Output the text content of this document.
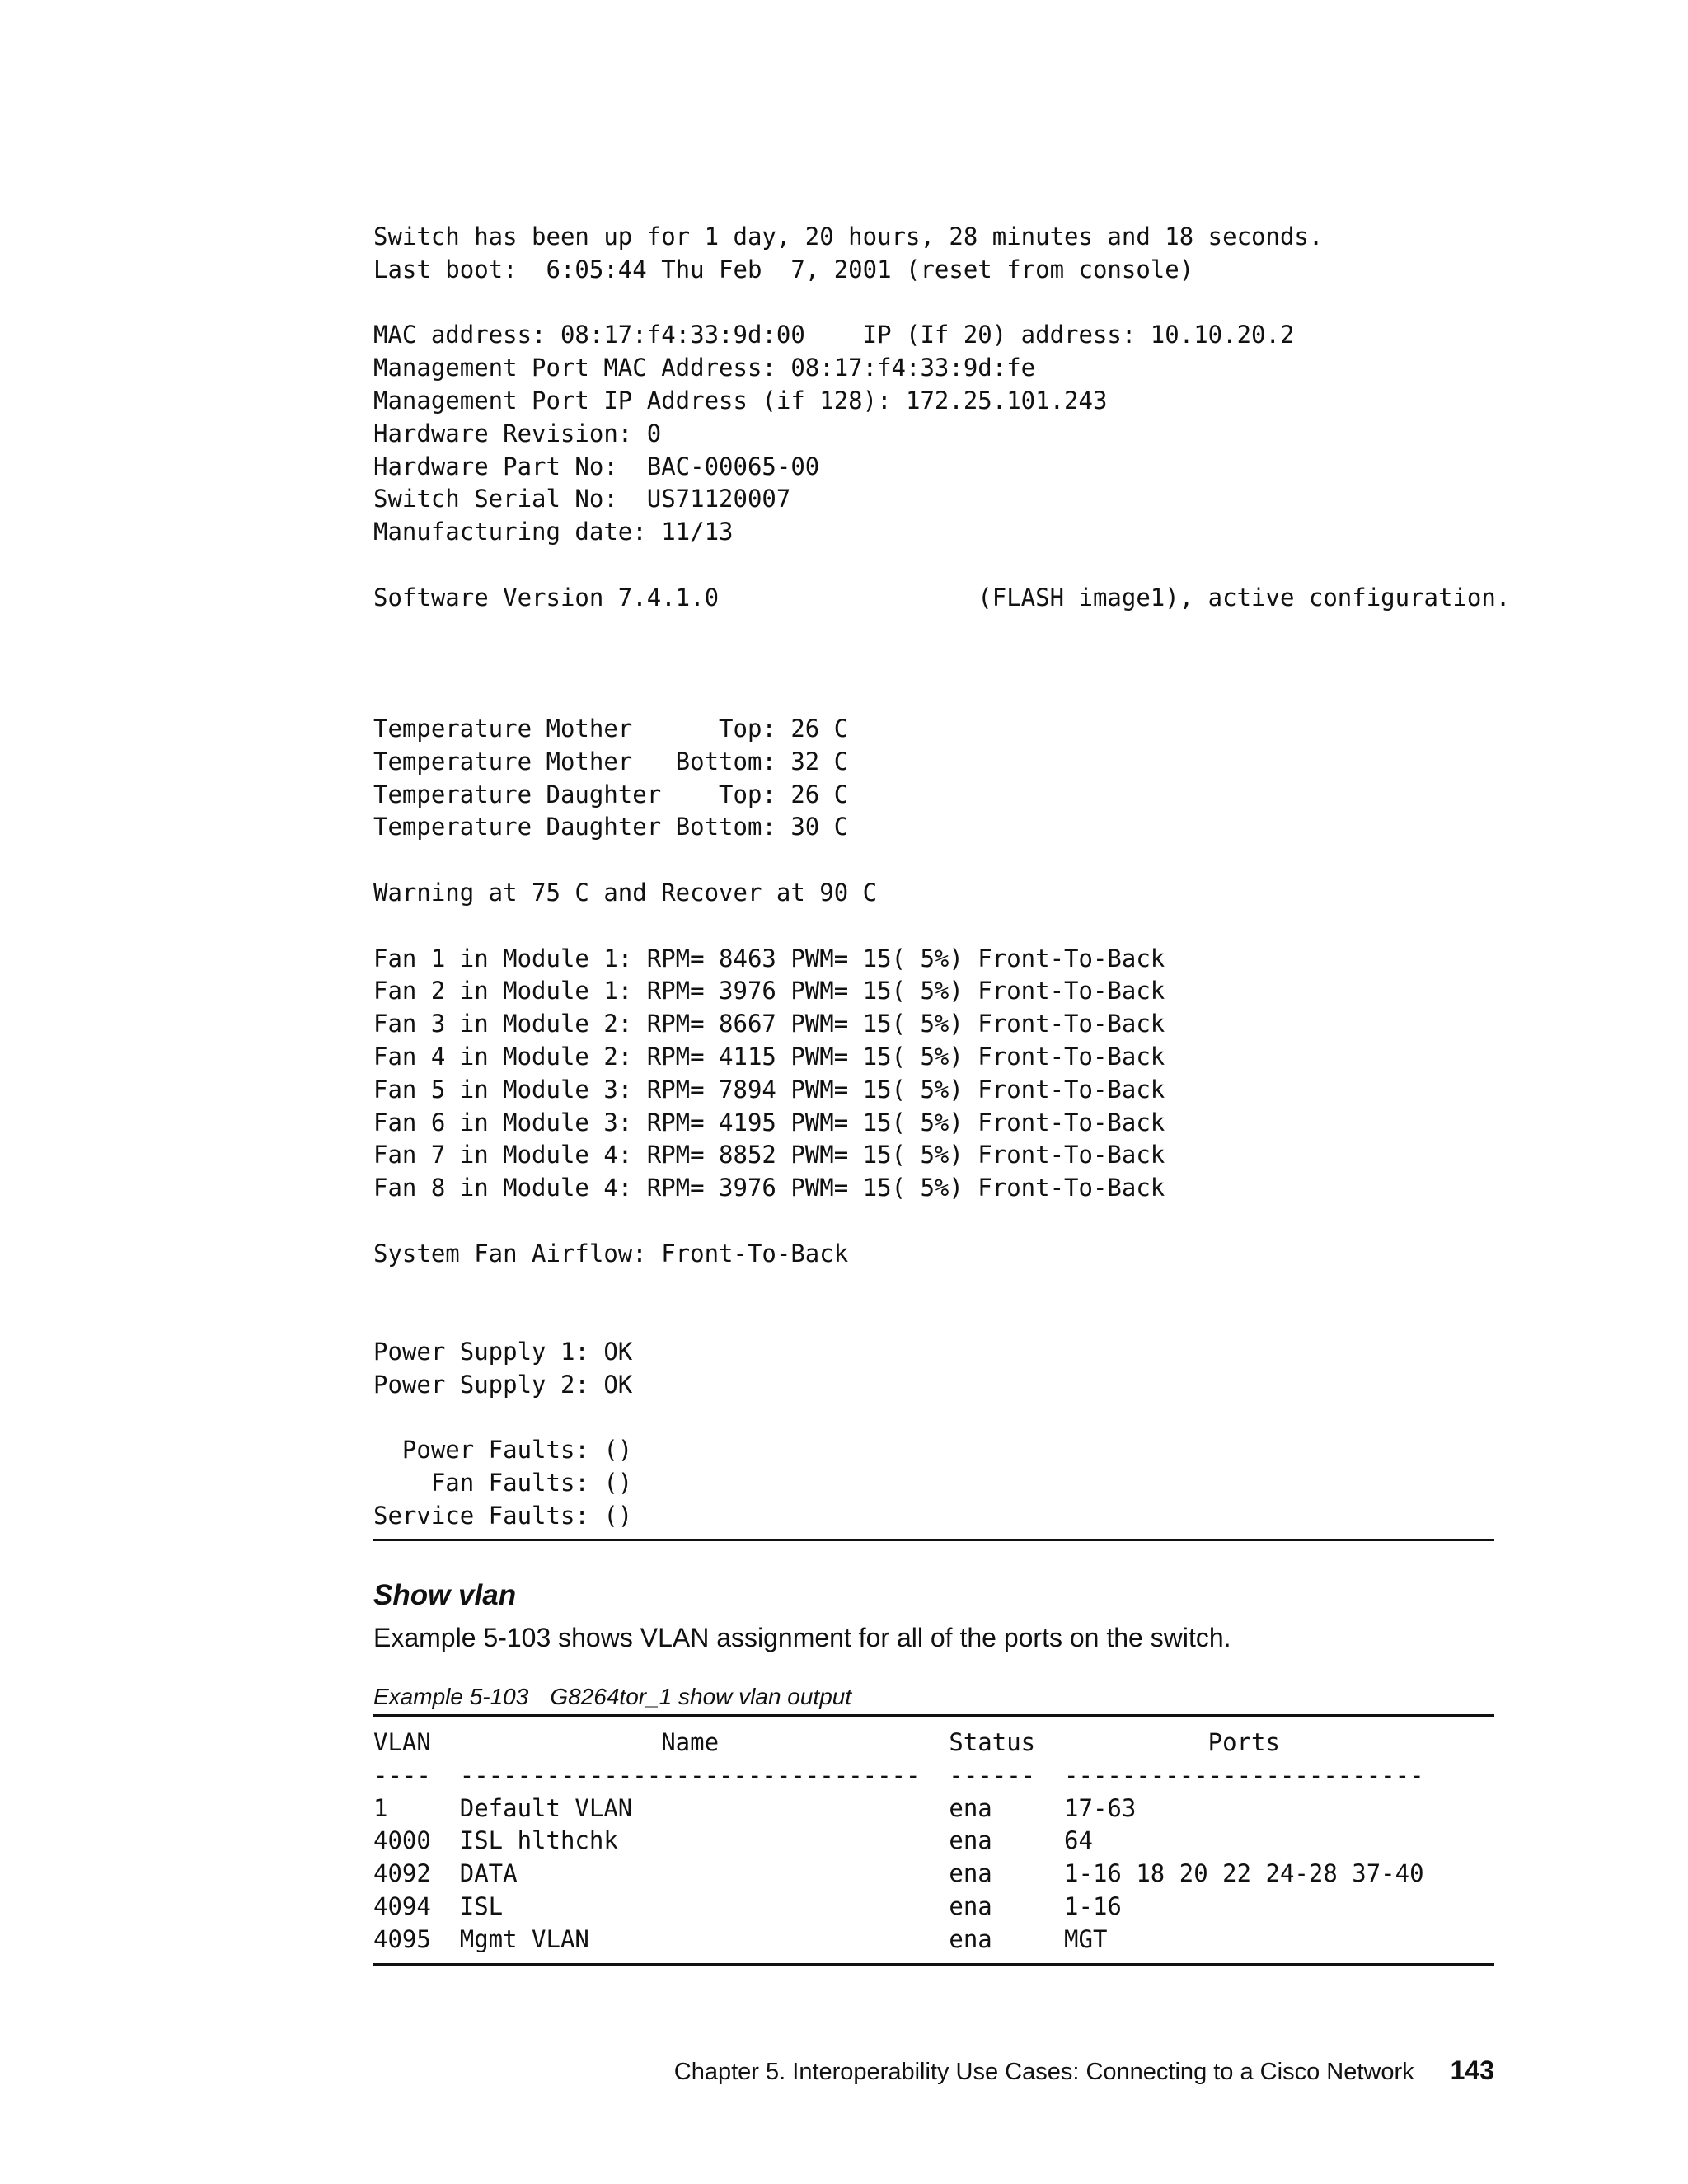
Switch has been up for 1 day, 20 hours, 28 minutes and 18 seconds.
Last boot:  6:05:44 Thu Feb  7, 2001 (reset from console)
MAC address: 08:17:f4:33:9d:00    IP (If 20) address: 10.10.20.2
Management Port MAC Address: 08:17:f4:33:9d:fe
Management Port IP Address (if 128): 172.25.101.243
Hardware Revision: 0
Hardware Part No:  BAC-00065-00
Switch Serial No:  US71120007
Manufacturing date: 11/13
Software Version 7.4.1.0                  (FLASH image1), active configuration.
Temperature Mother      Top: 26 C
Temperature Mother   Bottom: 32 C
Temperature Daughter    Top: 26 C
Temperature Daughter Bottom: 30 C
Warning at 75 C and Recover at 90 C
Fan 1 in Module 1: RPM= 8463 PWM= 15( 5%) Front-To-Back
Fan 2 in Module 1: RPM= 3976 PWM= 15( 5%) Front-To-Back
Fan 3 in Module 2: RPM= 8667 PWM= 15( 5%) Front-To-Back
Fan 4 in Module 2: RPM= 4115 PWM= 15( 5%) Front-To-Back
Fan 5 in Module 3: RPM= 7894 PWM= 15( 5%) Front-To-Back
Fan 6 in Module 3: RPM= 4195 PWM= 15( 5%) Front-To-Back
Fan 7 in Module 4: RPM= 8852 PWM= 15( 5%) Front-To-Back
Fan 8 in Module 4: RPM= 3976 PWM= 15( 5%) Front-To-Back
System Fan Airflow: Front-To-Back
Power Supply 1: OK
Power Supply 2: OK
Power Faults: ()
Fan Faults: ()
Service Faults: ()
Show vlan

Example 5-103 shows VLAN assignment for all of the ports on the switch.

Example 5-103 G8264tor_1 show vlan output

VLAN                Name                Status            Ports
----  --------------------------------  ------  -------------------------
1     Default VLAN                      ena     17-63
4000  ISL hlthchk                       ena     64
4092  DATA                              ena     1-16 18 20 22 24-28 37-40
4094  ISL                               ena     1-16
4095  Mgmt VLAN                         ena     MGT
Chapter 5. Interoperability Use Cases: Connecting to a Cisco Network 143
